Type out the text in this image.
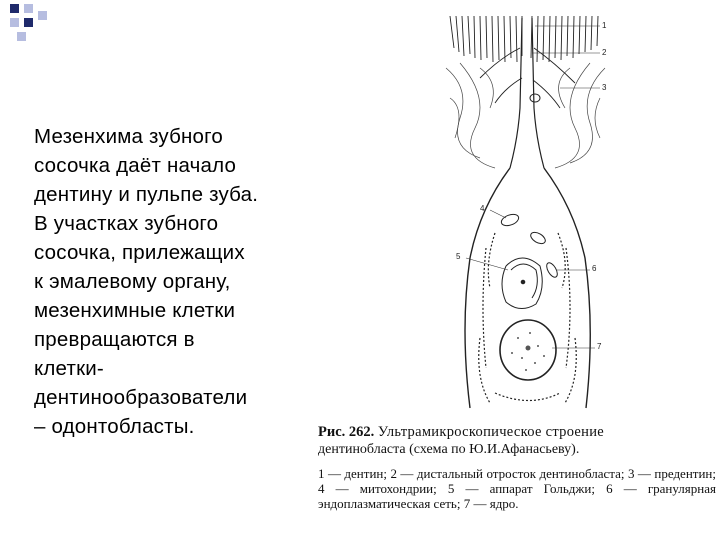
Мезенхима зубного
сосочка даёт начало
дентину и пульпе зуба.
В участках зубного
сосочка, прилежащих
к эмалевому органу,
мезенхимные клетки
превращаются в
клетки-
дентинообразователи
– одонтобласты.
1
2
3
4
5
6
7
Рис. 262. Ультрамикроскопическое строение
дентинобласта (схема по Ю.И.Афанасьеву).
1 — дентин; 2 — дистальный отросток дентинобласта; 3 — предентин; 4 — митохондрии; 5 — аппарат Гольджи; 6 — гранулярная эндоплазматическая сеть; 7 — ядро.
